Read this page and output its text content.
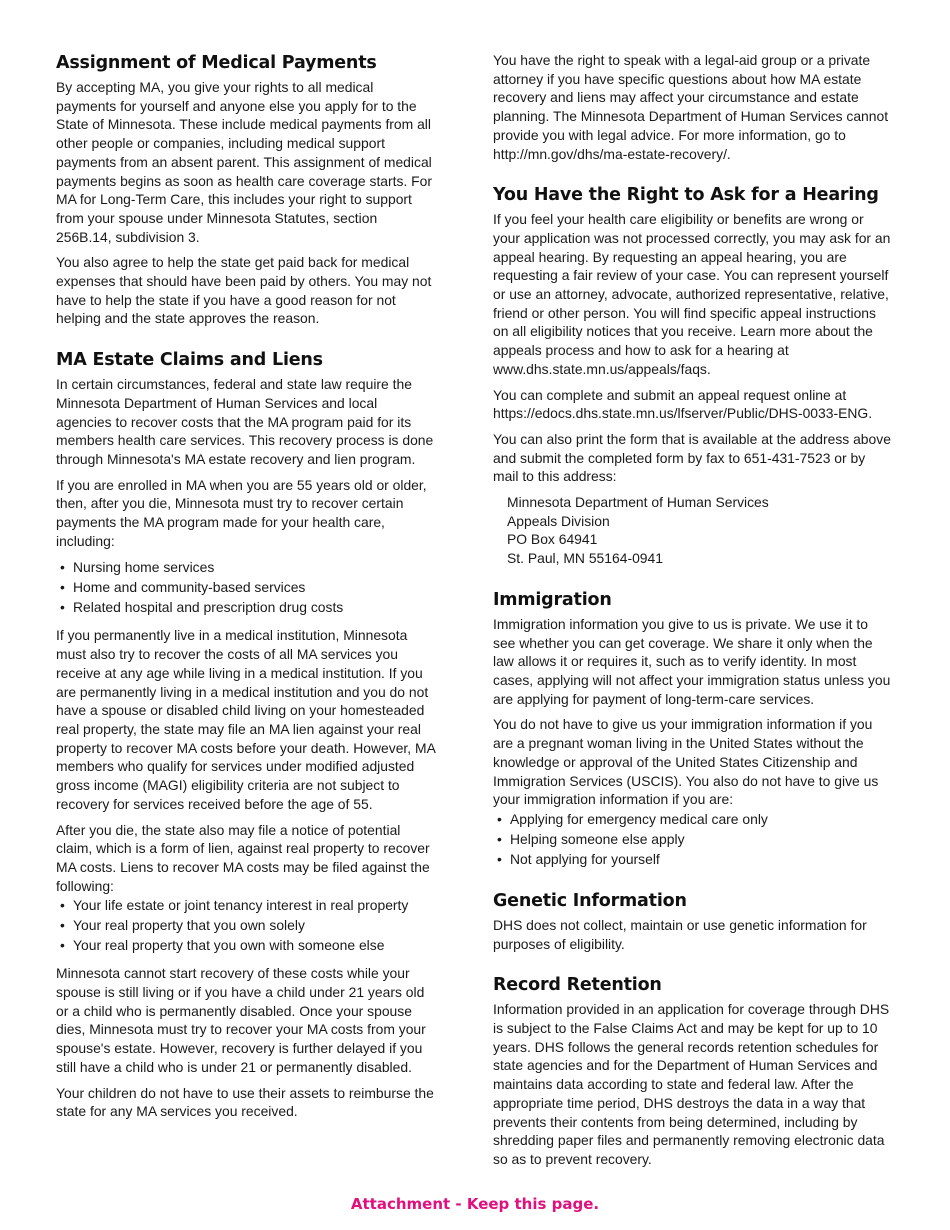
Assignment of Medical Payments

By accepting MA, you give your rights to all medical payments for yourself and anyone else you apply for to the State of Minnesota. These include medical payments from all other people or companies, including medical support payments from an absent parent. This assignment of medical payments begins as soon as health care coverage starts. For MA for Long-Term Care, this includes your right to support from your spouse under Minnesota Statutes, section 256B.14, subdivision 3.

You also agree to help the state get paid back for medical expenses that should have been paid by others. You may not have to help the state if you have a good reason for not helping and the state approves the reason.

MA Estate Claims and Liens

In certain circumstances, federal and state law require the Minnesota Department of Human Services and local agencies to recover costs that the MA program paid for its members health care services. This recovery process is done through Minnesota's MA estate recovery and lien program.

If you are enrolled in MA when you are 55 years old or older, then, after you die, Minnesota must try to recover certain payments the MA program made for your health care, including:

• Nursing home services
• Home and community-based services
• Related hospital and prescription drug costs

If you permanently live in a medical institution, Minnesota must also try to recover the costs of all MA services you receive at any age while living in a medical institution. If you are permanently living in a medical institution and you do not have a spouse or disabled child living on your homesteaded real property, the state may file an MA lien against your real property to recover MA costs before your death. However, MA members who qualify for services under modified adjusted gross income (MAGI) eligibility criteria are not subject to recovery for services received before the age of 55.

After you die, the state also may file a notice of potential claim, which is a form of lien, against real property to recover MA costs. Liens to recover MA costs may be filed against the following:

• Your life estate or joint tenancy interest in real property
• Your real property that you own solely
• Your real property that you own with someone else

Minnesota cannot start recovery of these costs while your spouse is still living or if you have a child under 21 years old or a child who is permanently disabled. Once your spouse dies, Minnesota must try to recover your MA costs from your spouse's estate. However, recovery is further delayed if you still have a child who is under 21 or permanently disabled.

Your children do not have to use their assets to reimburse the state for any MA services you received.

You have the right to speak with a legal-aid group or a private attorney if you have specific questions about how MA estate recovery and liens may affect your circumstance and estate planning. The Minnesota Department of Human Services cannot provide you with legal advice. For more information, go to http://mn.gov/dhs/ma-estate-recovery/.

You Have the Right to Ask for a Hearing

If you feel your health care eligibility or benefits are wrong or your application was not processed correctly, you may ask for an appeal hearing. By requesting an appeal hearing, you are requesting a fair review of your case. You can represent yourself or use an attorney, advocate, authorized representative, relative, friend or other person. You will find specific appeal instructions on all eligibility notices that you receive. Learn more about the appeals process and how to ask for a hearing at www.dhs.state.mn.us/appeals/faqs.

You can complete and submit an appeal request online at https://edocs.dhs.state.mn.us/lfserver/Public/DHS-0033-ENG.

You can also print the form that is available at the address above and submit the completed form by fax to 651-431-7523 or by mail to this address:

Minnesota Department of Human Services
Appeals Division
PO Box 64941
St. Paul, MN 55164-0941
Immigration

Immigration information you give to us is private. We use it to see whether you can get coverage. We share it only when the law allows it or requires it, such as to verify identity. In most cases, applying will not affect your immigration status unless you are applying for payment of long-term-care services.

You do not have to give us your immigration information if you are a pregnant woman living in the United States without the knowledge or approval of the United States Citizenship and Immigration Services (USCIS). You also do not have to give us your immigration information if you are:

• Applying for emergency medical care only
• Helping someone else apply
• Not applying for yourself
Genetic Information

DHS does not collect, maintain or use genetic information for purposes of eligibility.

Record Retention

Information provided in an application for coverage through DHS is subject to the False Claims Act and may be kept for up to 10 years. DHS follows the general records retention schedules for state agencies and for the Department of Human Services and maintains data according to state and federal law. After the appropriate time period, DHS destroys the data in a way that prevents their contents from being determined, including by shredding paper files and permanently removing electronic data so as to prevent recovery.

Attachment - Keep this page.
